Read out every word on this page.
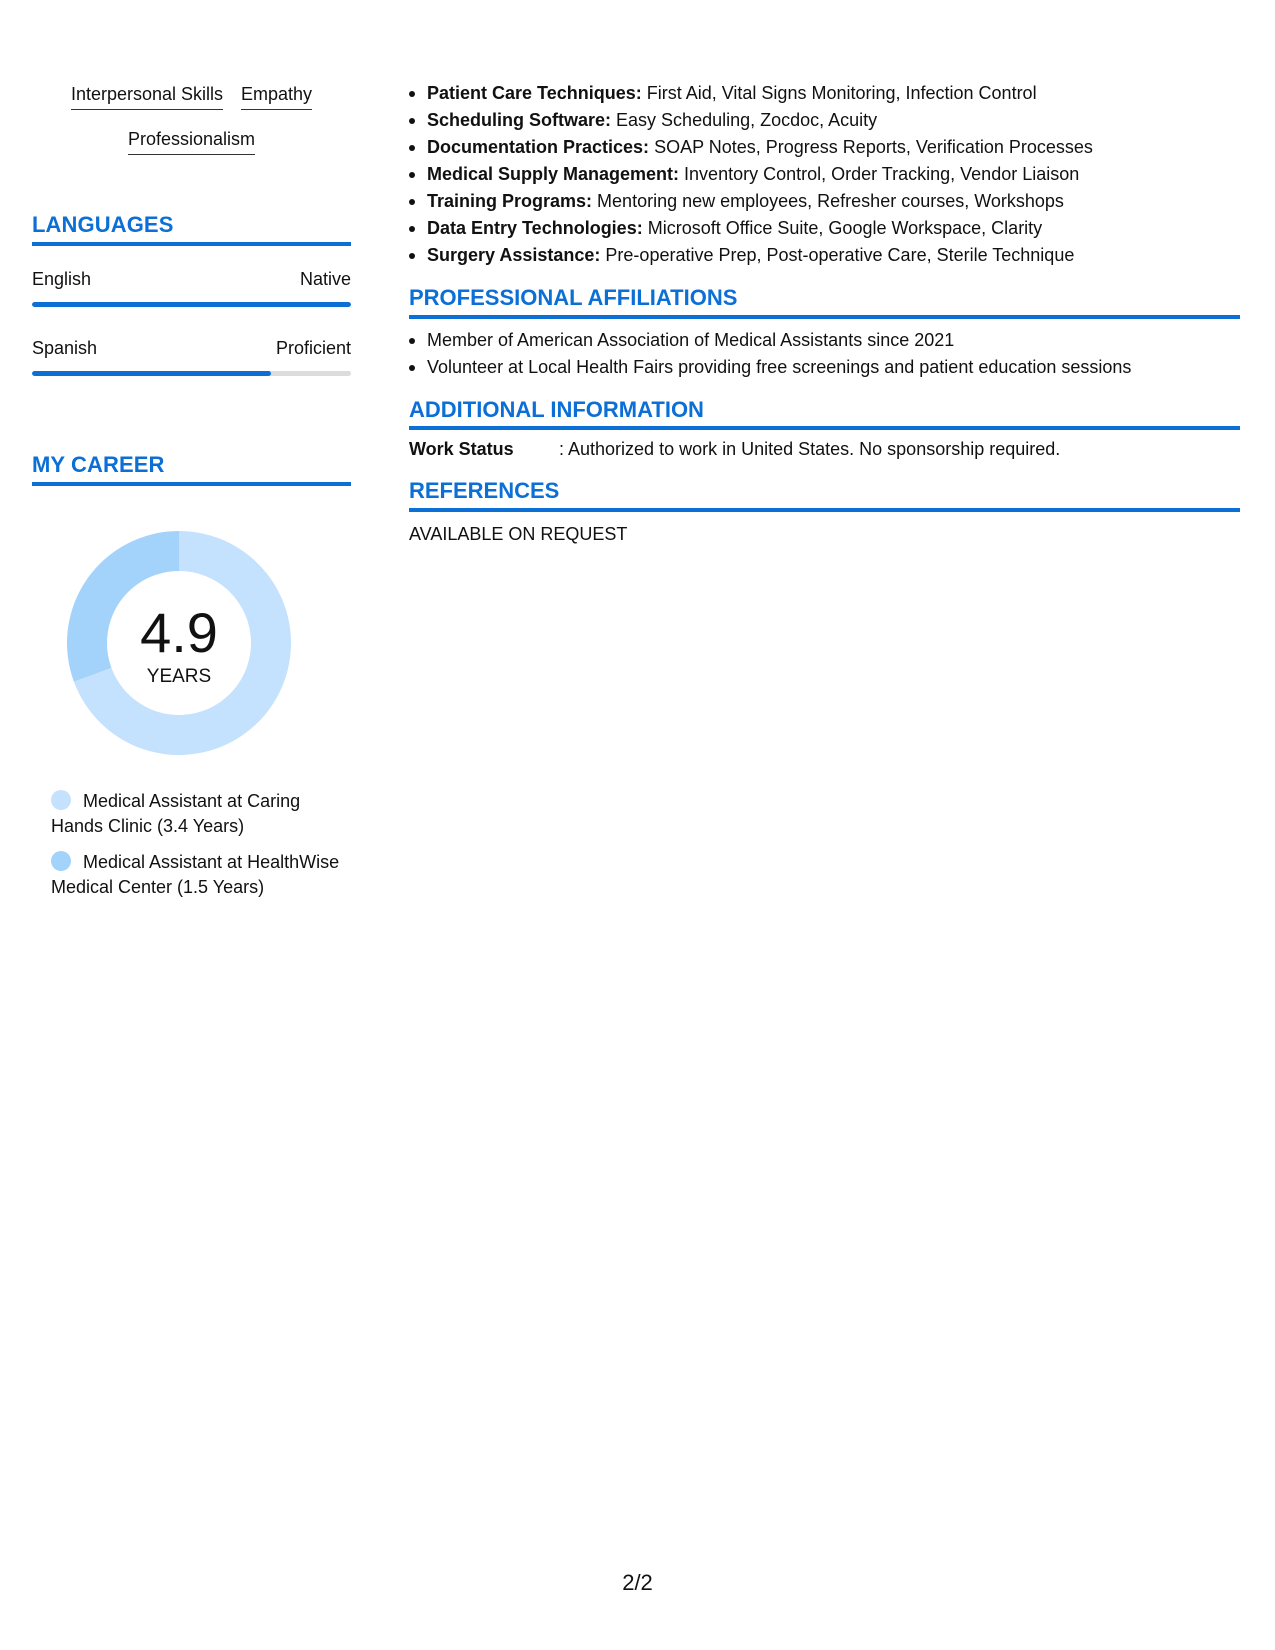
Interpersonal Skills Empathy
Professionalism
LANGUAGES
English	Native
Spanish	Proficient
MY CAREER
4.9
YEARS
Medical Assistant at Caring Hands Clinic (3.4 Years)
Medical Assistant at HealthWise Medical Center (1.5 Years)
Patient Care Techniques: First Aid, Vital Signs Monitoring, Infection Control
Scheduling Software: Easy Scheduling, Zocdoc, Acuity
Documentation Practices: SOAP Notes, Progress Reports, Verification Processes
Medical Supply Management: Inventory Control, Order Tracking, Vendor Liaison
Training Programs: Mentoring new employees, Refresher courses, Workshops
Data Entry Technologies: Microsoft Office Suite, Google Workspace, Clarity
Surgery Assistance: Pre-operative Prep, Post-operative Care, Sterile Technique
PROFESSIONAL AFFILIATIONS
Member of American Association of Medical Assistants since 2021
Volunteer at Local Health Fairs providing free screenings and patient education sessions
ADDITIONAL INFORMATION
Work Status	: Authorized to work in United States. No sponsorship required.
REFERENCES
AVAILABLE ON REQUEST
2/2
